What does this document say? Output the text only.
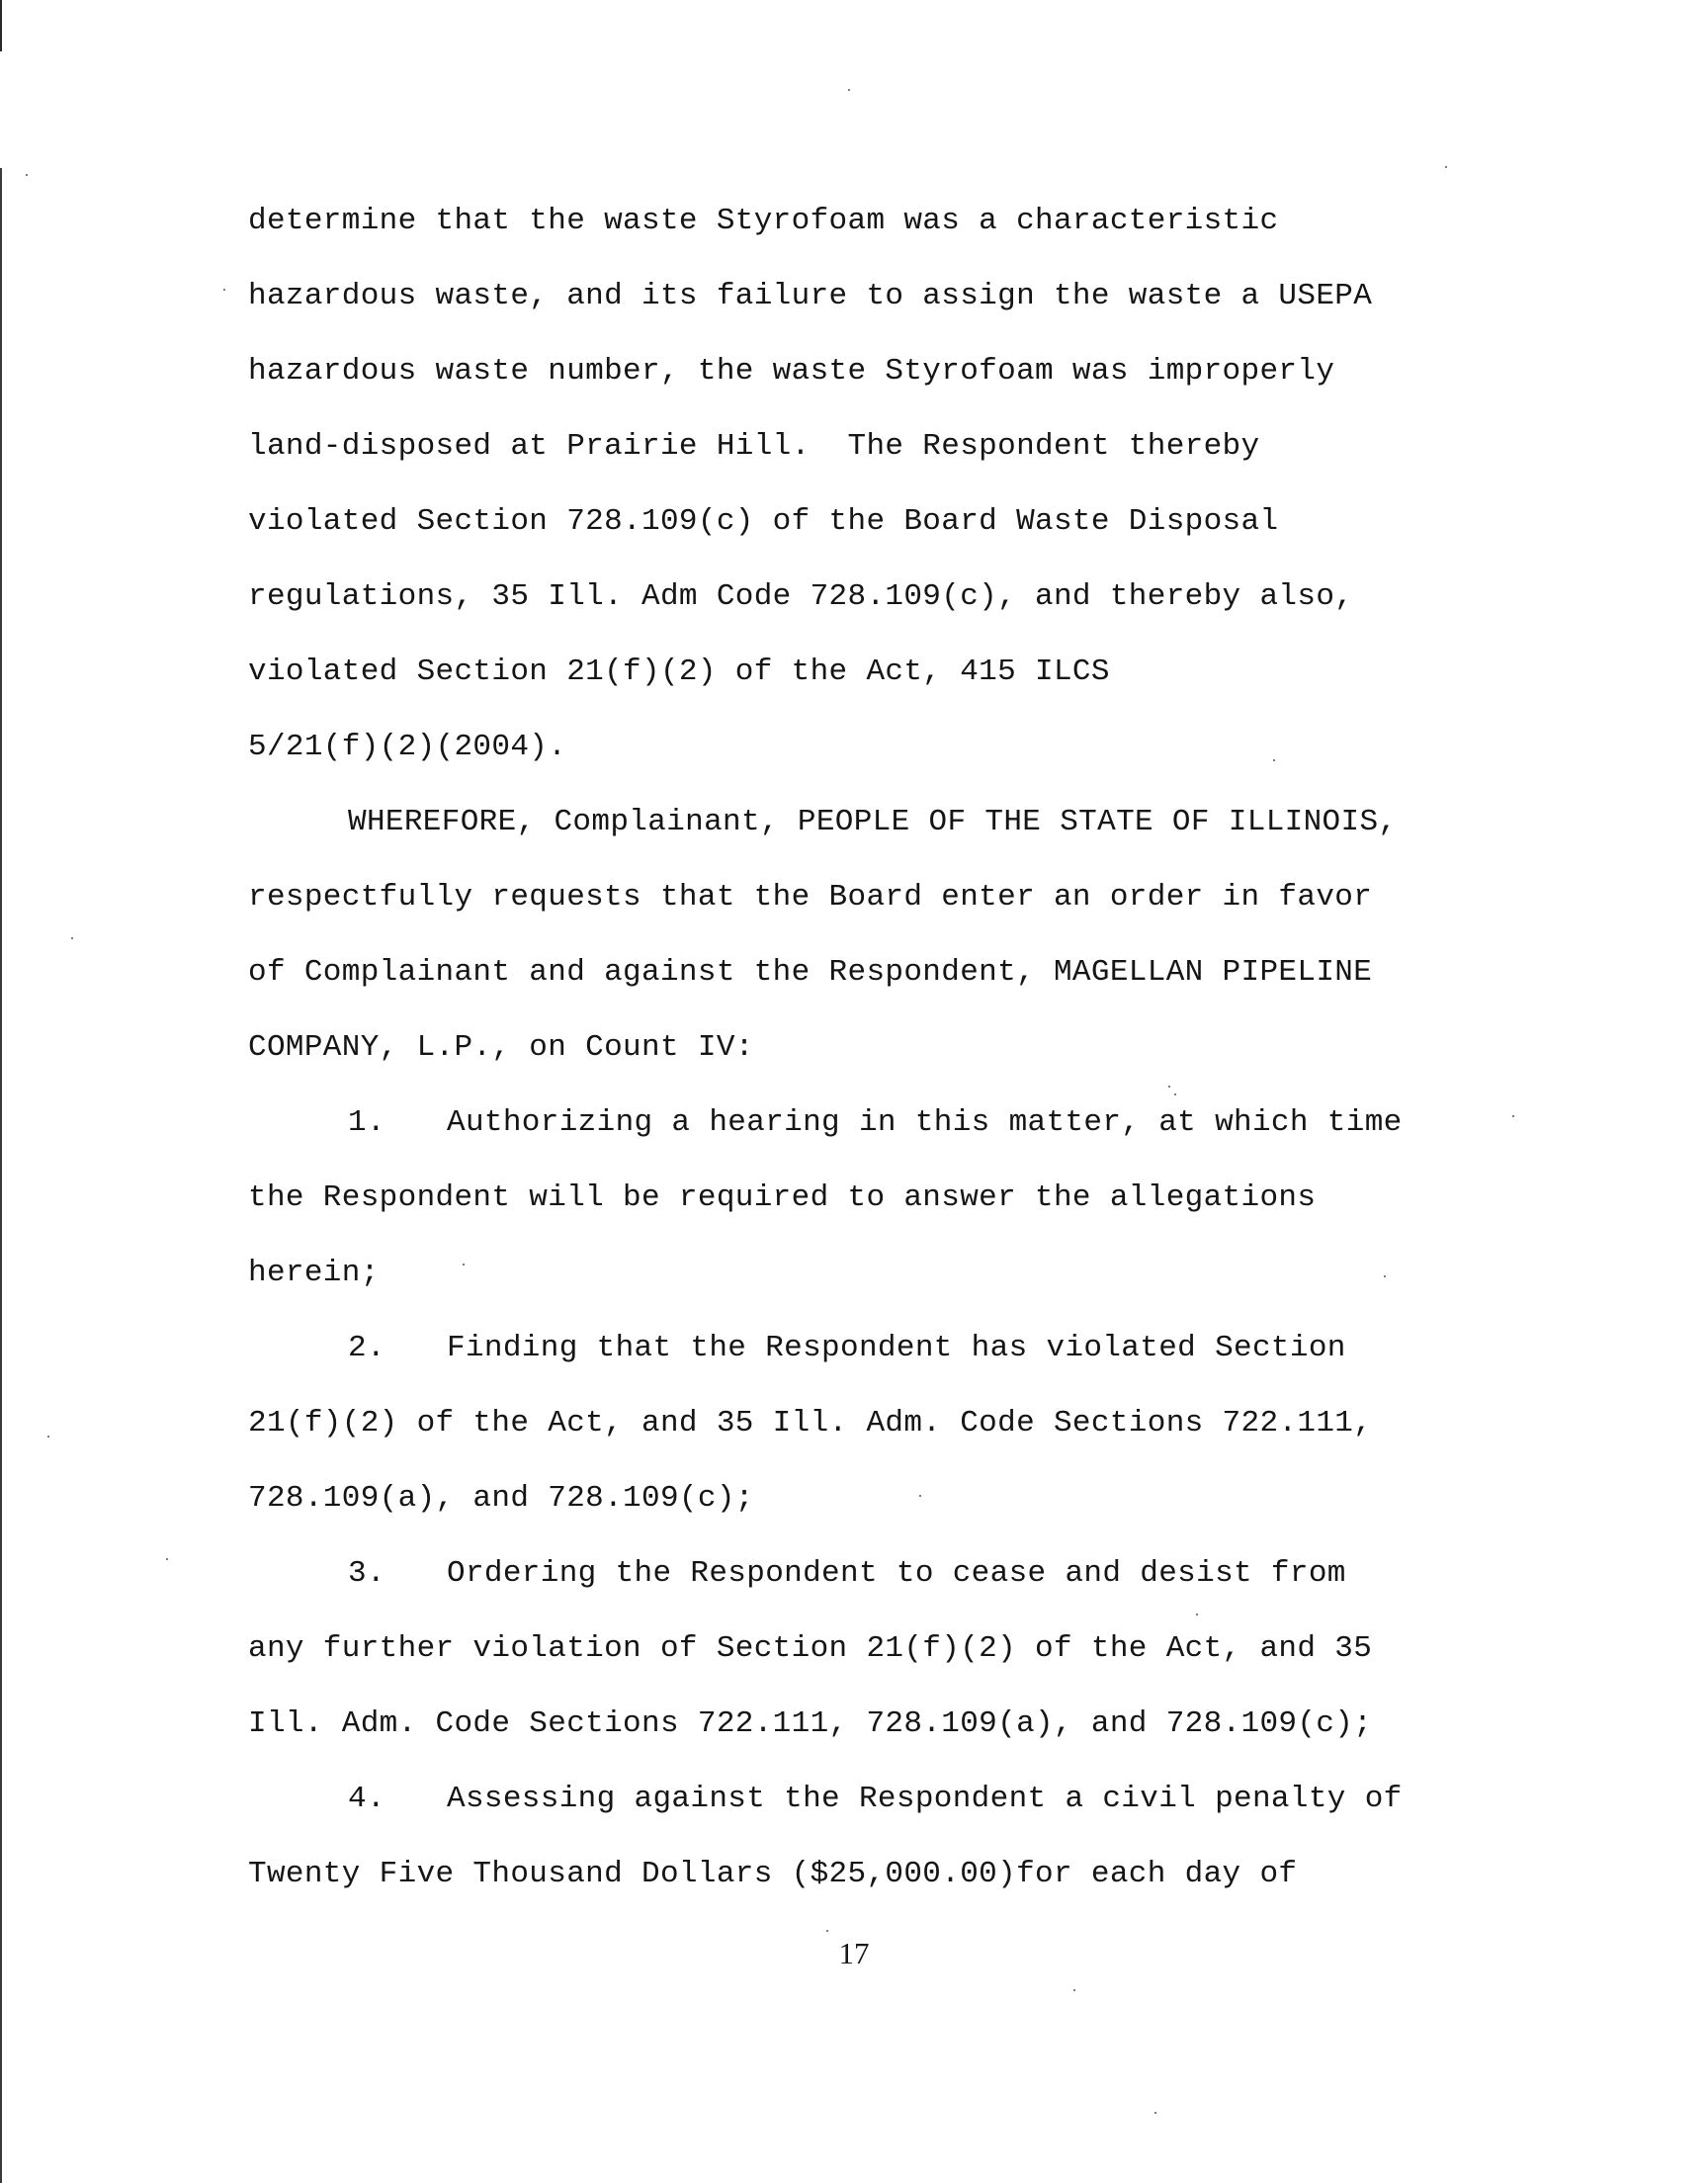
determine that the waste Styrofoam was a characteristic
hazardous waste, and its failure to assign the waste a USEPA
hazardous waste number, the waste Styrofoam was improperly
land-disposed at Prairie Hill.  The Respondent thereby
violated Section 728.109(c) of the Board Waste Disposal
regulations, 35 Ill. Adm Code 728.109(c), and thereby also,
violated Section 21(f)(2) of the Act, 415 ILCS
5/21(f)(2)(2004).
WHEREFORE, Complainant, PEOPLE OF THE STATE OF ILLINOIS,
respectfully requests that the Board enter an order in favor
of Complainant and against the Respondent, MAGELLAN PIPELINE
COMPANY, L.P., on Count IV:
1. Authorizing a hearing in this matter, at which time
the Respondent will be required to answer the allegations
herein;
2. Finding that the Respondent has violated Section
21(f)(2) of the Act, and 35 Ill. Adm. Code Sections 722.111,
728.109(a), and 728.109(c);
3. Ordering the Respondent to cease and desist from
any further violation of Section 21(f)(2) of the Act, and 35
Ill. Adm. Code Sections 722.111, 728.109(a), and 728.109(c);
4. Assessing against the Respondent a civil penalty of
Twenty Five Thousand Dollars ($25,000.00)for each day of
17
